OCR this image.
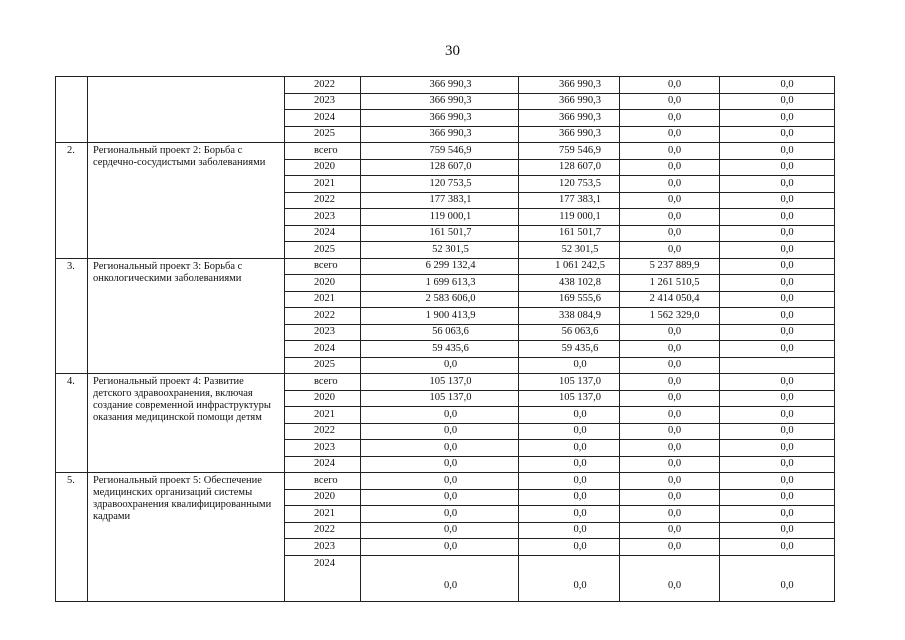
30
		2022	366 990,3	366 990,3	0,0	0,0
		2023	366 990,3	366 990,3	0,0	0,0
		2024	366 990,3	366 990,3	0,0	0,0
		2025	366 990,3	366 990,3	0,0	0,0
2.	Региональный проект 2: Борьба с сердечно-сосудистыми заболеваниями	всего	759 546,9	759 546,9	0,0	0,0
		2020	128 607,0	128 607,0	0,0	0,0
		2021	120 753,5	120 753,5	0,0	0,0
		2022	177 383,1	177 383,1	0,0	0,0
		2023	119 000,1	119 000,1	0,0	0,0
		2024	161 501,7	161 501,7	0,0	0,0
		2025	52 301,5	52 301,5	0,0	0,0
3.	Региональный проект 3: Борьба с онкологическими заболеваниями	всего	6 299 132,4	1 061 242,5	5 237 889,9	0,0
		2020	1 699 613,3	438 102,8	1 261 510,5	0,0
		2021	2 583 606,0	169 555,6	2 414 050,4	0,0
		2022	1 900 413,9	338 084,9	1 562 329,0	0,0
		2023	56 063,6	56 063,6	0,0	0,0
		2024	59 435,6	59 435,6	0,0	0,0
		2025	0,0	0,0	0,0	
4.	Региональный проект 4: Развитие детского здравоохранения, включая создание современной инфраструктуры оказания медицинской помощи детям	всего	105 137,0	105 137,0	0,0	0,0
		2020	105 137,0	105 137,0	0,0	0,0
		2021	0,0	0,0	0,0	0,0
		2022	0,0	0,0	0,0	0,0
		2023	0,0	0,0	0,0	0,0
		2024	0,0	0,0	0,0	0,0
5.	Региональный проект 5: Обеспечение медицинских организаций системы здравоохранения квалифицированными кадрами	всего	0,0	0,0	0,0	0,0
		2020	0,0	0,0	0,0	0,0
		2021	0,0	0,0	0,0	0,0
		2022	0,0	0,0	0,0	0,0
		2023	0,0	0,0	0,0	0,0
		2024	0,0	0,0	0,0	0,0
